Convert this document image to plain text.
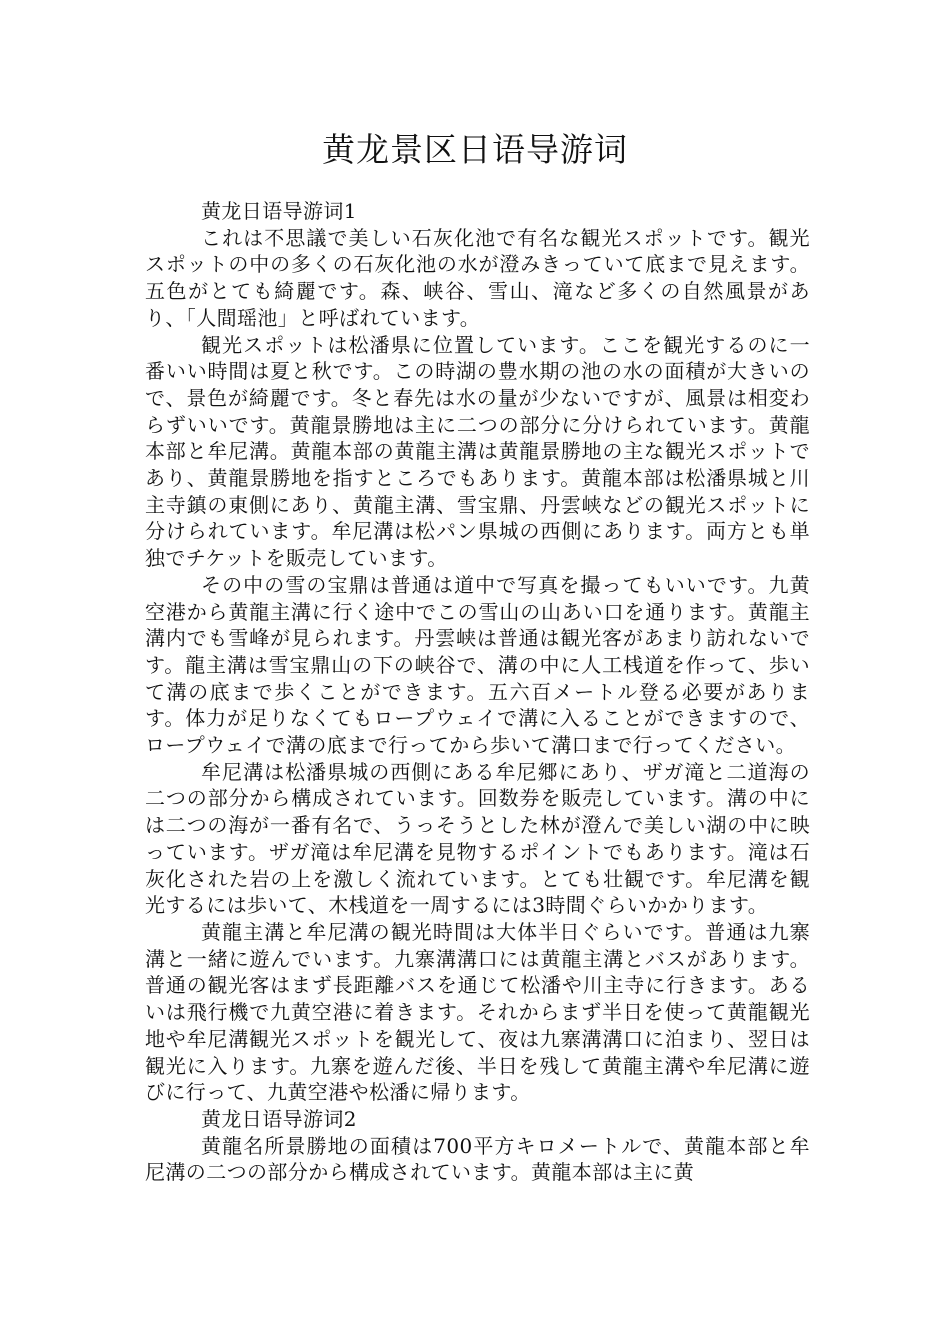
黄龙景区日语导游词

黄龙日语导游词1

これは不思議で美しい石灰化池で有名な観光スポットです。観光スポットの中の多くの石灰化池の水が澄みきっていて底まで見えます。五色がとても綺麗です。森、峡谷、雪山、滝など多くの自然風景があり、「人間瑶池」と呼ばれています。

観光スポットは松潘県に位置しています。ここを観光するのに一番いい時間は夏と秋です。この時湖の豊水期の池の水の面積が大きいので、景色が綺麗です。冬と春先は水の量が少ないですが、風景は相変わらずいいです。黄龍景勝地は主に二つの部分に分けられています。黄龍本部と牟尼溝。黄龍本部の黄龍主溝は黄龍景勝地の主な観光スポットであり、黄龍景勝地を指すところでもあります。黄龍本部は松潘県城と川主寺鎮の東側にあり、黄龍主溝、雪宝鼎、丹雲峡などの観光スポットに分けられています。牟尼溝は松パン県城の西側にあります。両方とも単独でチケットを販売しています。

その中の雪の宝鼎は普通は道中で写真を撮ってもいいです。九黄空港から黄龍主溝に行く途中でこの雪山の山あい口を通ります。黄龍主溝内でも雪峰が見られます。丹雲峡は普通は観光客があまり訪れないです。龍主溝は雪宝鼎山の下の峡谷で、溝の中に人工桟道を作って、歩いて溝の底まで歩くことができます。五六百メートル登る必要があります。体力が足りなくてもロープウェイで溝に入ることができますので、ロープウェイで溝の底まで行ってから歩いて溝口まで行ってください。

牟尼溝は松潘県城の西側にある牟尼郷にあり、ザガ滝と二道海の二つの部分から構成されています。回数券を販売しています。溝の中には二つの海が一番有名で、うっそうとした林が澄んで美しい湖の中に映っています。ザガ滝は牟尼溝を見物するポイントでもあります。滝は石灰化された岩の上を激しく流れています。とても壮観です。牟尼溝を観光するには歩いて、木桟道を一周するには3時間ぐらいかかります。

黄龍主溝と牟尼溝の観光時間は大体半日ぐらいです。普通は九寨溝と一緒に遊んでいます。九寨溝溝口には黄龍主溝とバスがあります。普通の観光客はまず長距離バスを通じて松潘や川主寺に行きます。あるいは飛行機で九黄空港に着きます。それからまず半日を使って黄龍観光地や牟尼溝観光スポットを観光して、夜は九寨溝溝口に泊まり、翌日は観光に入ります。九寨を遊んだ後、半日を残して黄龍主溝や牟尼溝に遊びに行って、九黄空港や松潘に帰ります。

黄龙日语导游词2

黄龍名所景勝地の面積は700平方キロメートルで、黄龍本部と牟尼溝の二つの部分から構成されています。黄龍本部は主に黄
